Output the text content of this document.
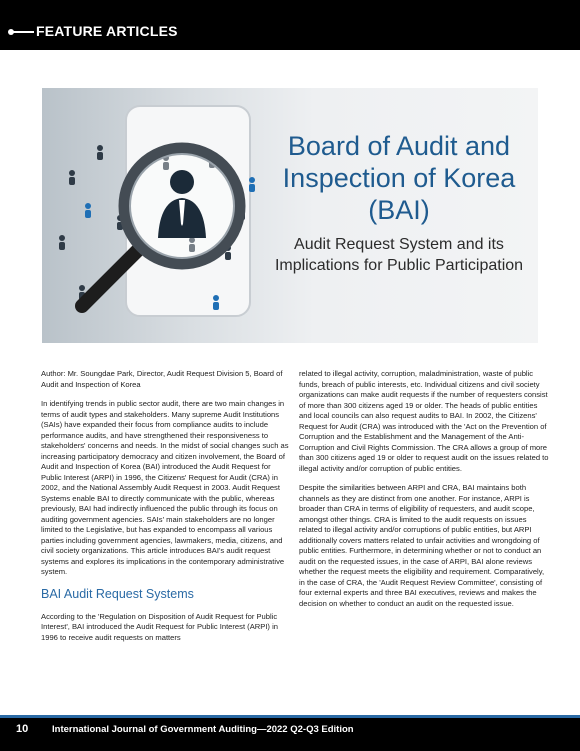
FEATURE ARTICLES
Board of Audit and Inspection of Korea (BAI)
Audit Request System and its Implications for Public Participation

Author: Mr. Soungdae Park, Director, Audit Request Division 5, Board of Audit and Inspection of Korea

In identifying trends in public sector audit, there are two main changes in terms of audit types and stakeholders. Many supreme Audit Institutions (SAIs) have expanded their focus from compliance audits to include performance audits, and have strengthened their responsiveness to stakeholders' concerns and needs. In the midst of social changes such as increasing participatory democracy and citizen involvement, the Board of Audit and Inspection of Korea (BAI) introduced the Audit Request for Public Interest (ARPI) in 1996, the Citizens' Request for Audit (CRA) in 2002, and the National Assembly Audit Request in 2003. Audit Request Systems enable BAI to directly communicate with the public, whereas previously, BAI had indirectly influenced the public through its focus on auditing government agencies. SAIs' main stakeholders are no longer limited to the Legislative, but has expanded to encompass all various parties including government agencies, lawmakers, media, citizens, and civil society organizations. This article introduces BAI's audit request systems and explores its implications in the contemporary administrative system.

BAI Audit Request Systems

According to the 'Regulation on Disposition of Audit Request for Public Interest', BAI introduced the Audit Request for Public Interest (ARPI) in 1996 to receive audit requests on matters

related to illegal activity, corruption, maladministration, waste of public funds, breach of public interests, etc. Individual citizens and civil society organizations can make audit requests if the number of requesters consist of more than 300 citizens aged 19 or older. The heads of public entities and local councils can also request audits to BAI. In 2002, the Citizens' Request for Audit (CRA) was introduced with the 'Act on the Prevention of Corruption and the Establishment and the Management of the Anti-Corruption and Civil Rights Commission. The CRA allows a group of more than 300 citizens aged 19 or older to request audit on the issues related to illegal activity and/or corruption of public entities.

Despite the similarities between ARPI and CRA, BAI maintains both channels as they are distinct from one another. For instance, ARPI is broader than CRA in terms of eligibility of requesters, and audit scope, amongst other things. CRA is limited to the audit requests on issues related to illegal activity and/or corruptions of public entities, but ARPI additionally covers matters related to unfair activities and wrongdoing of public entities. Furthermore, in determining whether or not to conduct an audit on the requested issues, in the case of ARPI, BAI alone reviews whether the request meets the eligibility and requirement. Comparatively, in the case of CRA, the 'Audit Request Review Committee', consisting of four external experts and three BAI executives, reviews and makes the decision on whether to conduct an audit on the requested issue.

10	International Journal of Government Auditing—2022 Q2-Q3 Edition
